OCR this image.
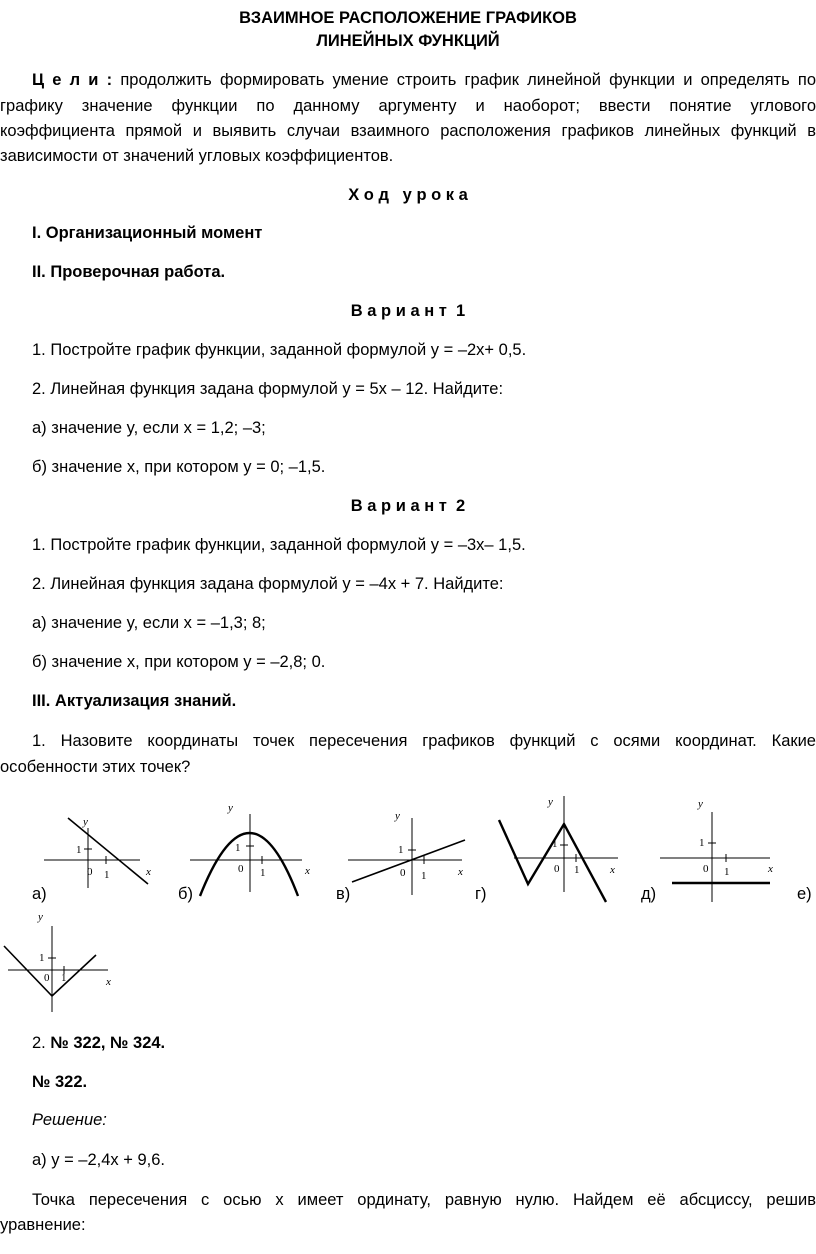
ВЗАИМНОЕ РАСПОЛОЖЕНИЕ ГРАФИКОВ
ЛИНЕЙНЫХ ФУНКЦИЙ
Ц е л и : продолжить формировать умение строить график линейной функции и определять по
графику значение функции по данному аргументу и наоборот; ввести понятие углового
коэффициента прямой и выявить случаи взаимного расположения графиков линейных функций в
зависимости от значений угловых коэффициентов.
Х о д   у р о к а
I. Организационный момент
II. Проверочная работа.
В а р и а н т  1
1. Постройте график функции, заданной формулой y = –2x+ 0,5.
2. Линейная функция задана формулой y = 5x – 12. Найдите:
а) значение y, если x = 1,2; –3;
б) значение x, при котором y = 0; –1,5.
В а р и а н т  2
1. Постройте график функции, заданной формулой y = –3x– 1,5.
2. Линейная функция задана формулой y = –4x + 7. Найдите:
а) значение y, если x = –1,3; 8;
б) значение x, при котором y = –2,8; 0.
III. Актуализация знаний.
1. Назовите координаты точек пересечения графиков функций с осями координат. Какие
особенности этих точек?
y
x
y
x
y
x
y
x
y
x
y
x
1
1
0
1
1
0
1
1
0
1
1
0
1
1
0
1
1
0
а)	б)	в)	г)	д)	е)
2. № 322, № 324.
№ 322.
Решение:
а) y = –2,4x + 9,6.
Точка пересечения с осью x имеет ординату, равную нулю. Найдем её абсциссу, решив
уравнение:
